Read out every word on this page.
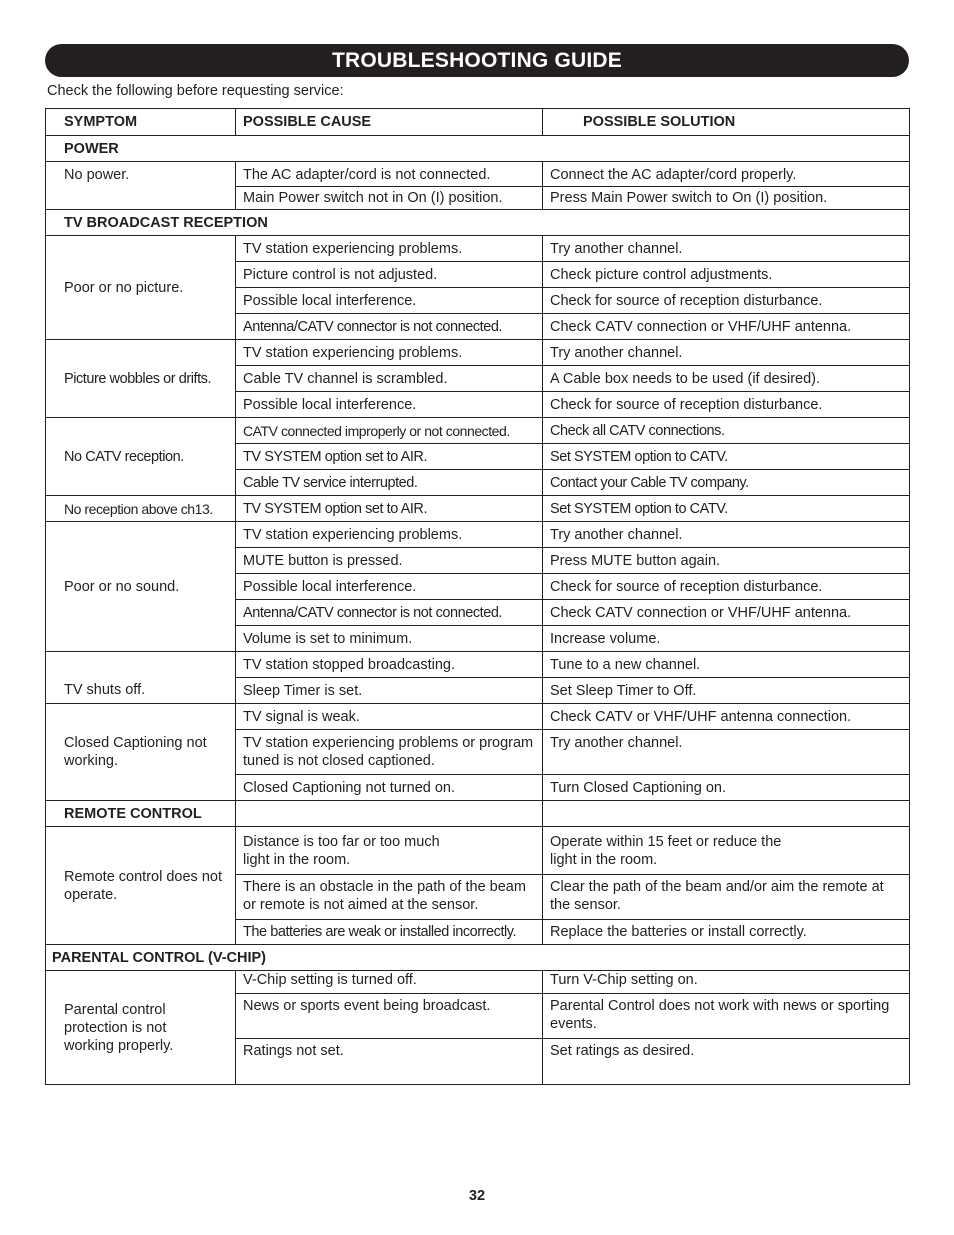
TROUBLESHOOTING GUIDE
Check the following before requesting service:
SYMPTOM	POSSIBLE CAUSE	POSSIBLE SOLUTION
POWER		
No power.	The AC adapter/cord is not connected.	Connect the AC adapter/cord properly.
	Main Power switch not in On (I) position.	Press Main Power switch to On (I) position.
TV BROADCAST RECEPTION		
Poor or no picture.	TV station experiencing problems.	Try another channel.
	Picture control is not adjusted.	Check picture control adjustments.
	Possible local interference.	Check for source of reception disturbance.
	Antenna/CATV connector is not connected.	Check CATV connection or VHF/UHF antenna.
Picture wobbles or drifts.	TV station experiencing problems.	Try another channel.
	Cable TV channel is scrambled.	A Cable box needs to be used (if desired).
	Possible local interference.	Check for source of reception disturbance.
No CATV reception.	CATV connected improperly or not connected.	Check all CATV connections.
	TV SYSTEM option set to AIR.	Set SYSTEM option to CATV.
	Cable TV service interrupted.	Contact your Cable TV company.
No reception above ch13.	TV SYSTEM option set to AIR.	Set SYSTEM option to CATV.
Poor or no sound.	TV station experiencing problems.	Try another channel.
	MUTE button is pressed.	Press MUTE button again.
	Possible local interference.	Check for source of reception disturbance.
	Antenna/CATV connector is not connected.	Check CATV connection or VHF/UHF antenna.
	Volume is set to minimum.	Increase volume.
TV shuts off.	TV station stopped broadcasting.	Tune to a new channel.
	Sleep Timer is set.	Set Sleep Timer to Off.
Closed Captioning not working.	TV signal is weak.	Check CATV or VHF/UHF antenna connection.
	TV station experiencing problems or program tuned is not closed captioned.	Try another channel.
	Closed Captioning not turned on.	Turn Closed Captioning on.
REMOTE CONTROL		
Remote control does not operate.	Distance is too far or too much light in the room.	Operate within 15 feet or reduce the light in the room.
	There is an obstacle in the path of the beam or remote is not aimed at the sensor.	Clear the path of the beam and/or aim the remote at the sensor.
	The batteries are weak or installed incorrectly.	Replace the batteries or install correctly.
PARENTAL CONTROL (V-CHIP)		
Parental control protection is not working properly.	V-Chip setting is turned off.	Turn V-Chip setting on.
	News or sports event being broadcast.	Parental Control does not work with news or sporting events.
	Ratings not set.	Set ratings as desired.
32
